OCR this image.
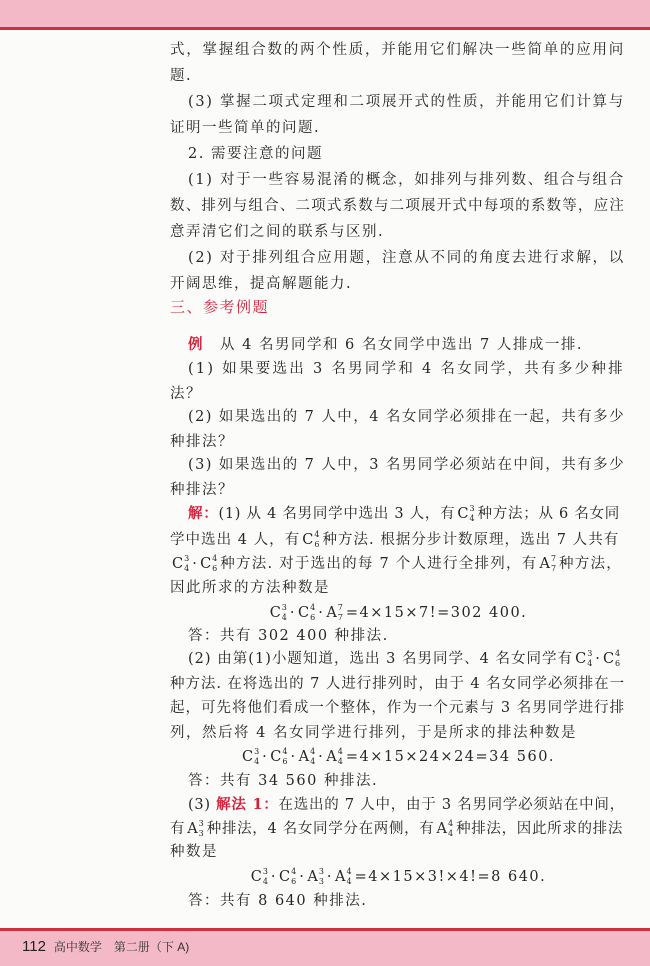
式，掌握组合数的两个性质，并能用它们解决一些简单的应用问
题.
(3) 掌握二项式定理和二项展开式的性质，并能用它们计算与
证明一些简单的问题.
2. 需要注意的问题
(1) 对于一些容易混淆的概念，如排列与排列数、组合与组合
数、排列与组合、二项式系数与二项展开式中每项的系数等，应注
意弄清它们之间的联系与区别.
(2) 对于排列组合应用题，注意从不同的角度去进行求解，以
开阔思维，提高解题能力.
三、参考例题
例　从 4 名男同学和 6 名女同学中选出 7 人排成一排.
(1) 如果要选出 3 名男同学和 4 名女同学，共有多少种排
法？
(2) 如果选出的 7 人中，4 名女同学必须排在一起，共有多少
种排法？
(3) 如果选出的 7 人中，3 名男同学必须站在中间，共有多少
种排法？
解：(1) 从 4 名男同学中选出 3 人，有 C 3
4 种方法；从 6 名女同
学中选出 4 人，有 C 4
6 种方法. 根据分步计数原理，选出 7 人共有
C 3
4 · C 4
6 种方法. 对于选出的每 7 个人进行全排列，有 A 7
7 种方法，
因此所求的方法种数是
C 3
4 · C 4
6 · A 7
7 =4×15×7!=302 400.
答：共有 302 400 种排法.
(2) 由第(1)小题知道，选出 3 名男同学、4 名女同学有 C 3
4 · C 4
6
种方法. 在将选出的 7 人进行排列时，由于 4 名女同学必须排在一
起，可先将他们看成一个整体，作为一个元素与 3 名男同学进行排
列，然后将 4 名女同学进行排列，于是所求的排法种数是
C 3
4 · C 4
6 · A 4
4 · A 4
4 =4×15×24×24=34 560.
答：共有 34 560 种排法.
(3) 解法 1：在选出的 7 人中，由于 3 名男同学必须站在中间，
有 A 3
3 种排法，4 名女同学分在两侧，有 A 4
4 种排法，因此所求的排法
种数是
C 3
4 · C 4
6 · A 3
3 · A 4
4 =4×15×3!×4!=8 640.
答：共有 8 640 种排法.
112 高中数学　第二册（下 A)
